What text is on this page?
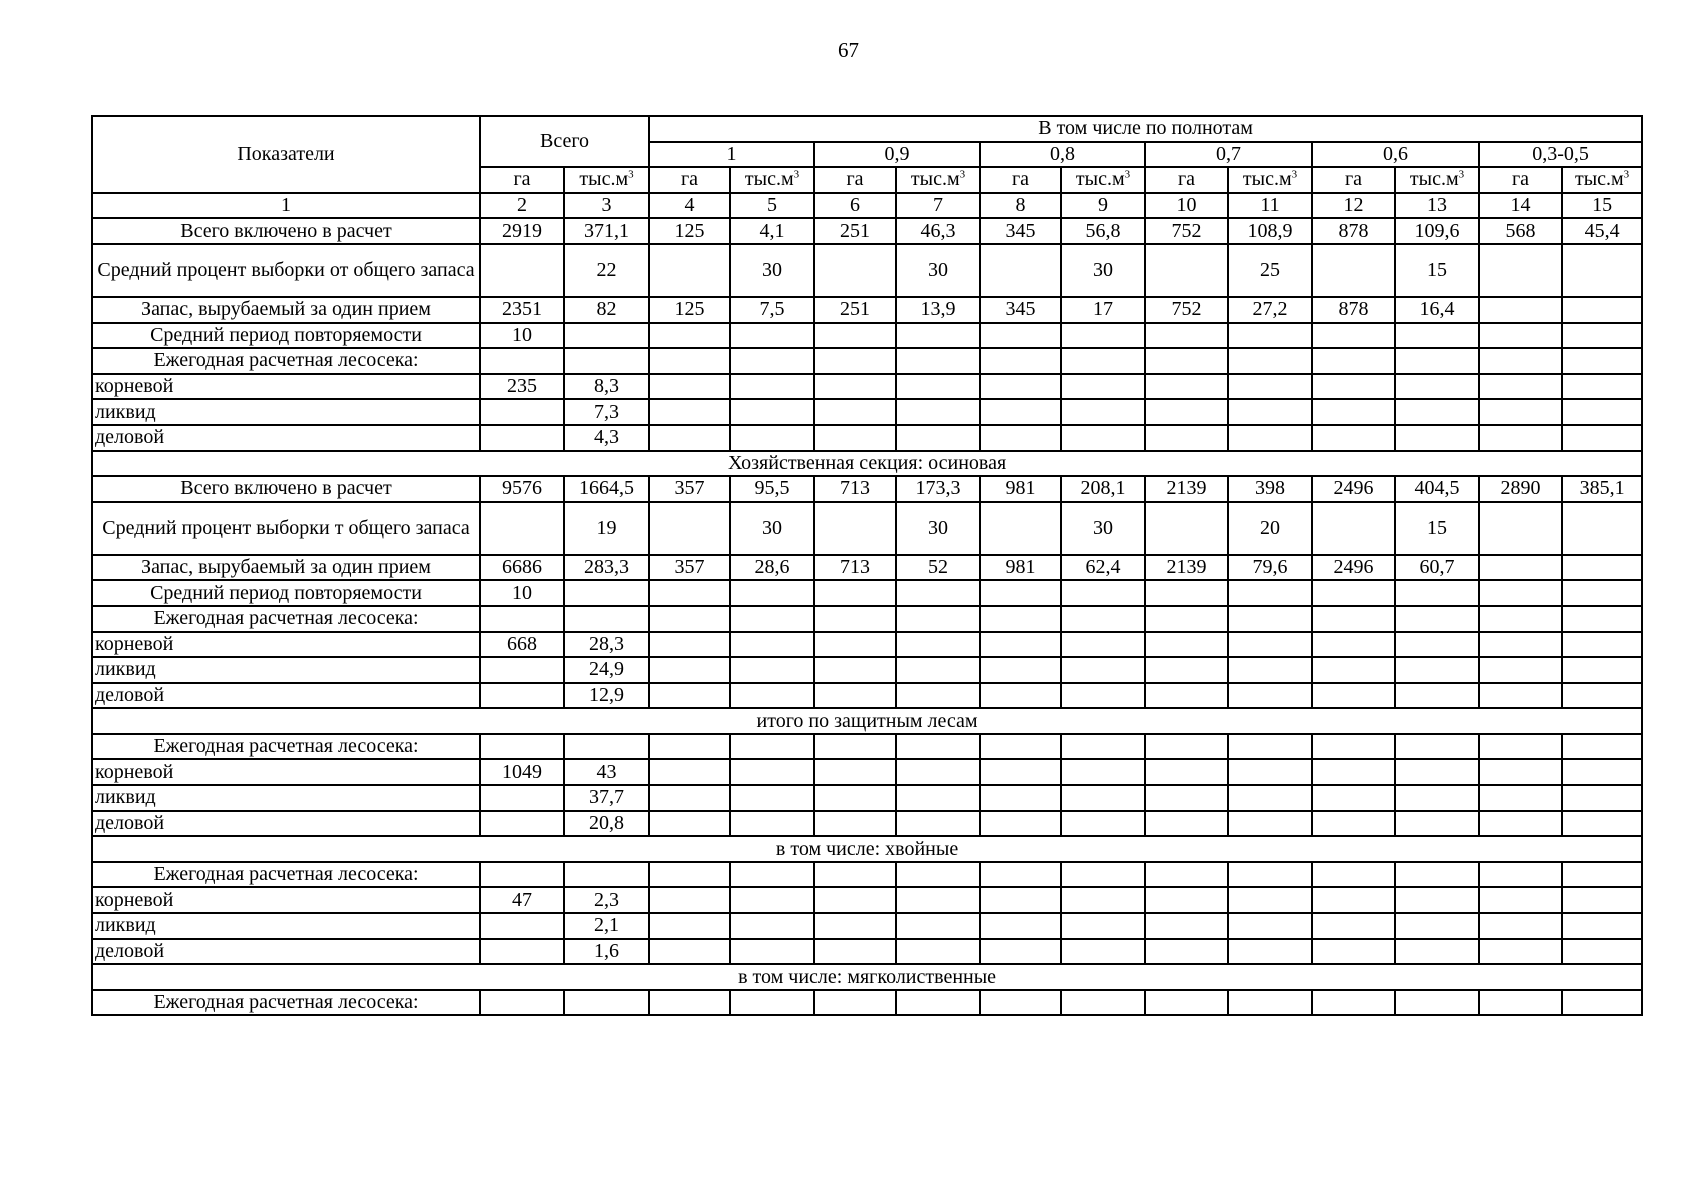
67
Показатели	Всего		В том числе по полнотам											
			1		0,9		0,8		0,7		0,6		0,3-0,5	
	га	$тыс.м^3$	га	$тыс.м^3$	га	$тыс.м^3$	га	$тыс.м^3$	га	$тыс.м^3$	га	$тыс.м^3$	га	$тыс.м^3$
1	2	3	4	5	6	7	8	9	10	11	12	13	14	15
Всего включено в расчет	2919	371,1	125	4,1	251	46,3	345	56,8	752	108,9	878	109,6	568	45,4
Средний процент выборки от общего запаса		22		30		30		30		25		15		
Запас, вырубаемый за один прием	2351	82	125	7,5	251	13,9	345	17	752	27,2	878	16,4		
Средний период повторяемости	10													
Ежегодная расчетная лесосека:														
корневой	235	8,3												
ликвид		7,3												
деловой		4,3												
Хозяйственная секция: осиновая														
Всего включено в расчет	9576	1664,5	357	95,5	713	173,3	981	208,1	2139	398	2496	404,5	2890	385,1
Средний процент выборки т общего запаса		19		30		30		30		20		15		
Запас, вырубаемый за один прием	6686	283,3	357	28,6	713	52	981	62,4	2139	79,6	2496	60,7		
Средний период повторяемости	10													
Ежегодная расчетная лесосека:														
корневой	668	28,3												
ликвид		24,9												
деловой		12,9												
итого по защитным лесам														
Ежегодная расчетная лесосека:														
корневой	1049	43												
ликвид		37,7												
деловой		20,8												
в том числе: хвойные														
Ежегодная расчетная лесосека:														
корневой	47	2,3												
ликвид		2,1												
деловой		1,6												
в том числе: мягколиственные														
Ежегодная расчетная лесосека:														
